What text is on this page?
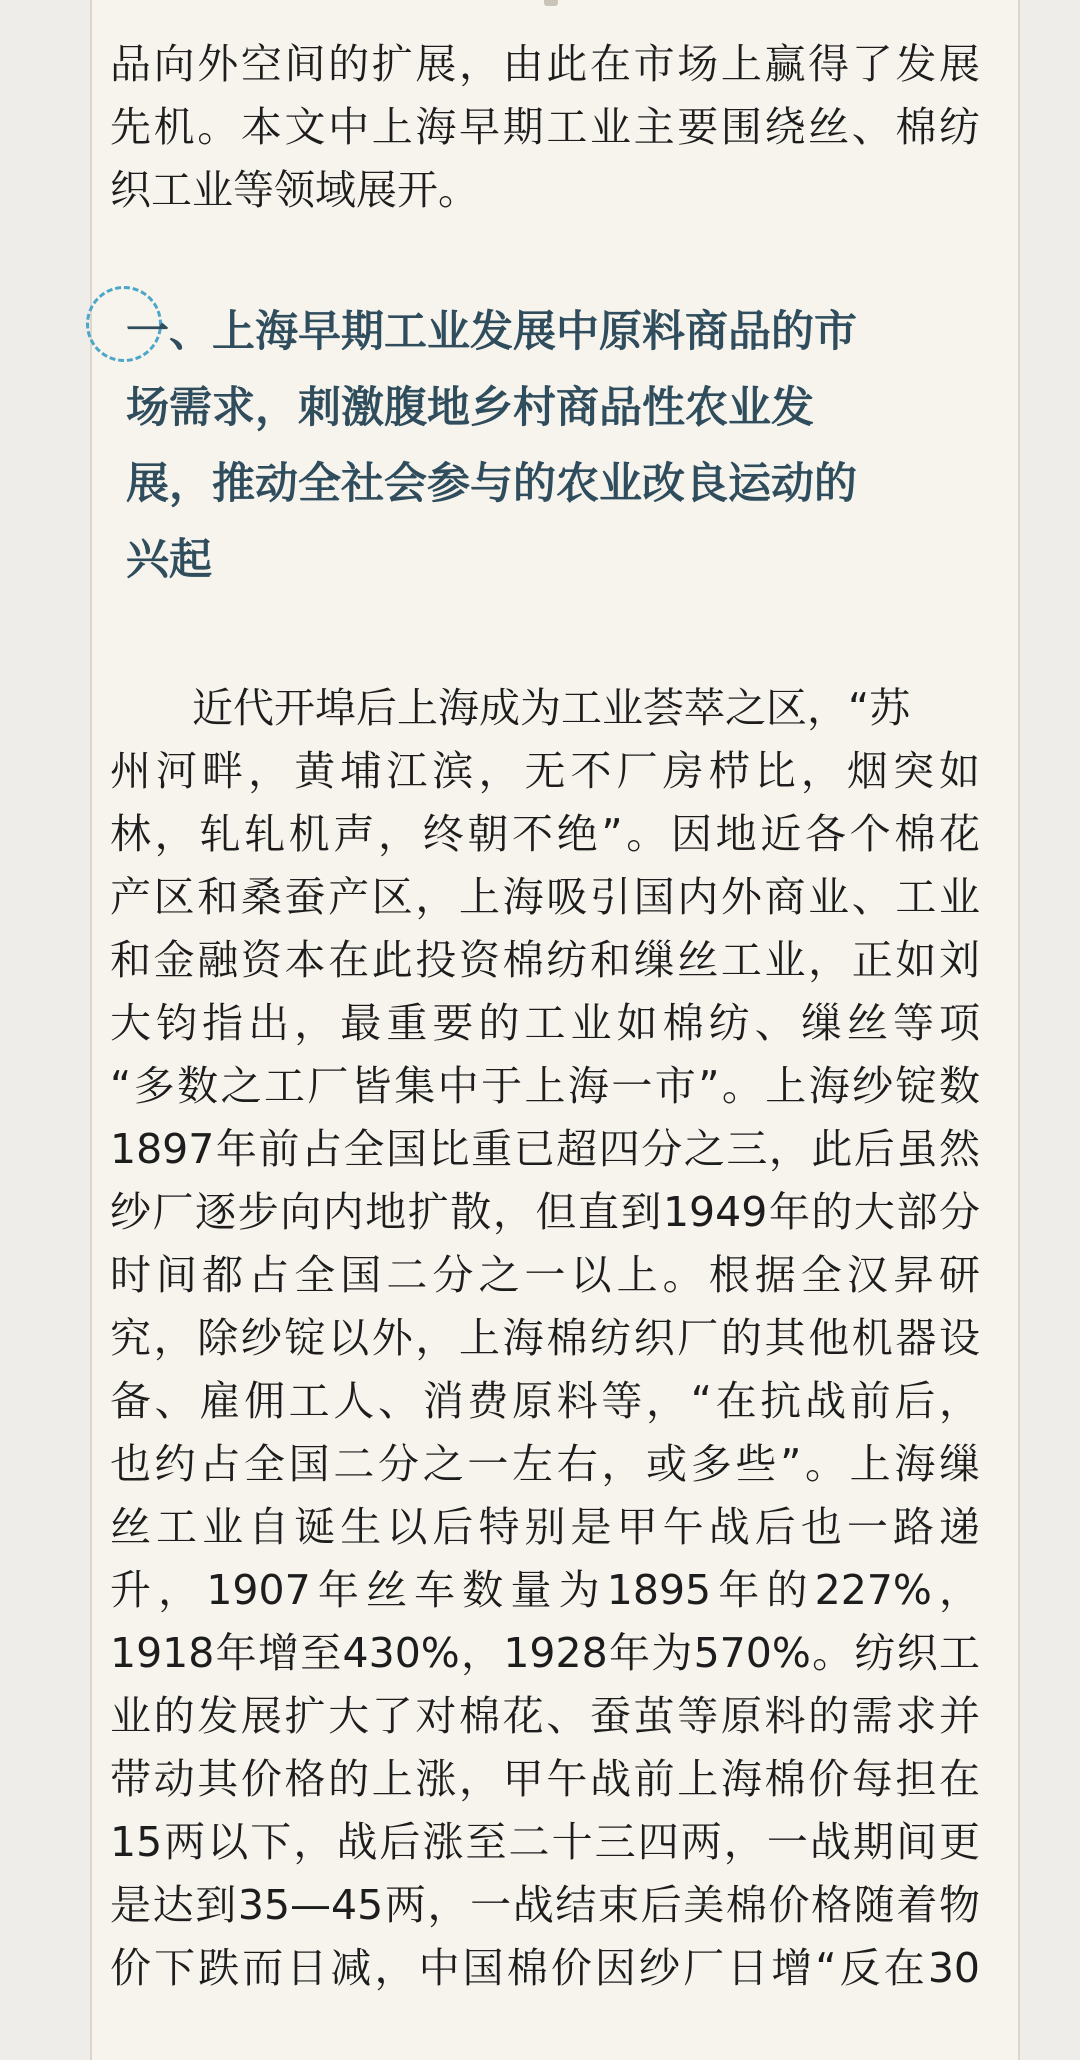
品向外空间的扩展，由此在市场上赢得了发展
先机。本文中上海早期工业主要围绕丝、棉纺
织工业等领域展开。
一、上海早期工业发展中原料商品的市
场需求，刺激腹地乡村商品性农业发
展，推动全社会参与的农业改良运动的
兴起
近代开埠后上海成为工业荟萃之区，“苏
州河畔，黄埔江滨，无不厂房栉比，烟突如
林，轧轧机声，终朝不绝”。因地近各个棉花
产区和桑蚕产区，上海吸引国内外商业、工业
和金融资本在此投资棉纺和缫丝工业，正如刘
大钧指出，最重要的工业如棉纺、缫丝等项
“多数之工厂皆集中于上海一市”。上海纱锭数
1897年前占全国比重已超四分之三，此后虽然
纱厂逐步向内地扩散，但直到1949年的大部分
时间都占全国二分之一以上。根据全汉昇研
究，除纱锭以外，上海棉纺织厂的其他机器设
备、雇佣工人、消费原料等，“在抗战前后，
也约占全国二分之一左右，或多些”。上海缫
丝工业自诞生以后特别是甲午战后也一路递
升，1907年丝车数量为1895年的227%，
1918年增至430%，1928年为570%。纺织工
业的发展扩大了对棉花、蚕茧等原料的需求并
带动其价格的上涨，甲午战前上海棉价每担在
15两以下，战后涨至二十三四两，一战期间更
是达到35—45两，一战结束后美棉价格随着物
价下跌而日减，中国棉价因纱厂日增“反在30
